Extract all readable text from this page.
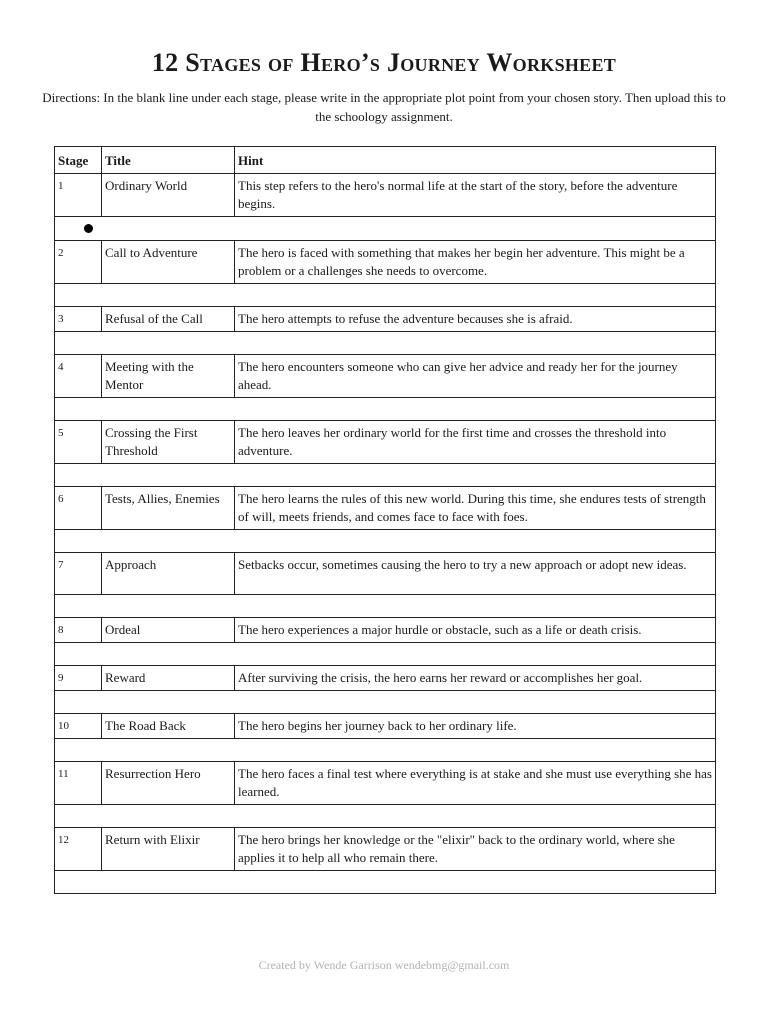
12 Stages of Hero’s Journey Worksheet
Directions: In the blank line under each stage, please write in the appropriate plot point from your chosen story. Then upload this to the schoology assignment.
Stage	Title	Hint
1	Ordinary World	This step refers to the hero's normal life at the start of the story, before the adventure begins.

2	Call to Adventure	The hero is faced with something that makes her begin her adventure. This might be a problem or a challenges she needs to overcome.

3	Refusal of the Call	The hero attempts to refuse the adventure becauses she is afraid.

4	Meeting with the Mentor	The hero encounters someone who can give her advice and ready her for the journey ahead.

5	Crossing the First Threshold	The hero leaves her ordinary world for the first time and crosses the threshold into adventure.

6	Tests, Allies, Enemies	The hero learns the rules of this new world. During this time, she endures tests of strength of will, meets friends, and comes face to face with foes.

7	Approach	Setbacks occur, sometimes causing the hero to try a new approach or adopt new ideas.

8	Ordeal	The hero experiences a major hurdle or obstacle, such as a life or death crisis.

9	Reward	After surviving the crisis, the hero earns her reward or accomplishes her goal.

10	The Road Back	The hero begins her journey back to her ordinary life.

11	Resurrection Hero	The hero faces a final test where everything is at stake and she must use everything she has learned.

12	Return with Elixir	The hero brings her knowledge or the "elixir" back to the ordinary world, where she applies it to help all who remain there.

Created by Wende Garrison wendebmg@gmail.com
